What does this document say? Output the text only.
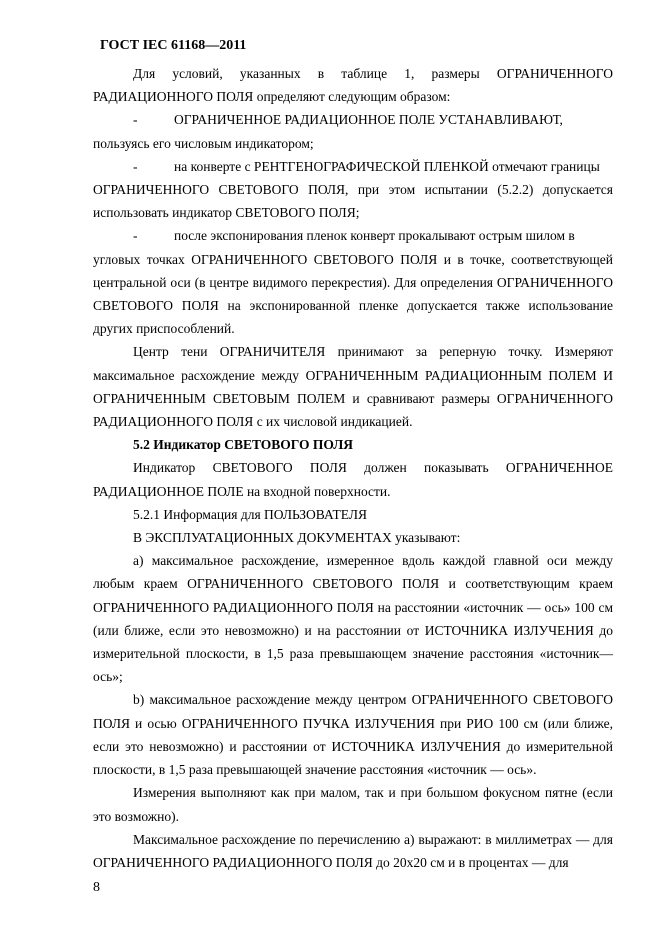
ГОСТ IEC 61168—2011

Для условий, указанных в таблице 1, размеры ОГРАНИЧЕННОГО РАДИАЦИОННОГО ПОЛЯ определяют следующим образом:

-	ОГРАНИЧЕННОЕ РАДИАЦИОННОЕ ПОЛЕ УСТАНАВЛИВАЮТ,
пользуясь его числовым индикатором;

-	на конверте с РЕНТГЕНОГРАФИЧЕСКОЙ ПЛЕНКОЙ отмечают границы
ОГРАНИЧЕННОГО СВЕТОВОГО ПОЛЯ, при этом испытании (5.2.2) допускается использовать индикатор СВЕТОВОГО ПОЛЯ;

-	после экспонирования пленок конверт прокалывают острым шилом в
угловых точках ОГРАНИЧЕННОГО СВЕТОВОГО ПОЛЯ и в точке, соответствующей центральной оси (в центре видимого перекрестия). Для определения ОГРАНИЧЕННОГО СВЕТОВОГО ПОЛЯ на экспонированной пленке допускается также использование других приспособлений.

Центр тени ОГРАНИЧИТЕЛЯ принимают за реперную точку. Измеряют максимальное расхождение между ОГРАНИЧЕННЫМ РАДИАЦИОННЫМ ПОЛЕМ И ОГРАНИЧЕННЫМ СВЕТОВЫМ ПОЛЕМ и сравнивают размеры ОГРАНИЧЕННОГО РАДИАЦИОННОГО ПОЛЯ с их числовой индикацией.

5.2 Индикатор СВЕТОВОГО ПОЛЯ

Индикатор СВЕТОВОГО ПОЛЯ должен показывать ОГРАНИЧЕННОЕ РАДИАЦИОННОЕ ПОЛЕ на входной поверхности.

5.2.1 Информация для ПОЛЬЗОВАТЕЛЯ

В ЭКСПЛУАТАЦИОННЫХ ДОКУМЕНТАХ указывают:

а) максимальное расхождение, измеренное вдоль каждой главной оси между любым краем ОГРАНИЧЕННОГО СВЕТОВОГО ПОЛЯ и соответствующим краем ОГРАНИЧЕННОГО РАДИАЦИОННОГО ПОЛЯ на расстоянии «источник — ось» 100 см (или ближе, если это невозможно) и на расстоянии от ИСТОЧНИКА ИЗЛУЧЕНИЯ до измерительной плоскости, в 1,5 раза превышающем значение расстояния «источник— ось»;

b) максимальное расхождение между центром ОГРАНИЧЕННОГО СВЕТОВОГО ПОЛЯ и осью ОГРАНИЧЕННОГО ПУЧКА ИЗЛУЧЕНИЯ при РИО 100 см (или ближе, если это невозможно) и расстоянии от ИСТОЧНИКА ИЗЛУЧЕНИЯ до измерительной плоскости, в 1,5 раза превышающей значение расстояния «источник — ось».

Измерения выполняют как при малом, так и при большом фокусном пятне (если это возможно).

Максимальное расхождение по перечислению а) выражают: в миллиметрах — для ОГРАНИЧЕННОГО РАДИАЦИОННОГО ПОЛЯ до 20х20 см и в процентах — для

8
